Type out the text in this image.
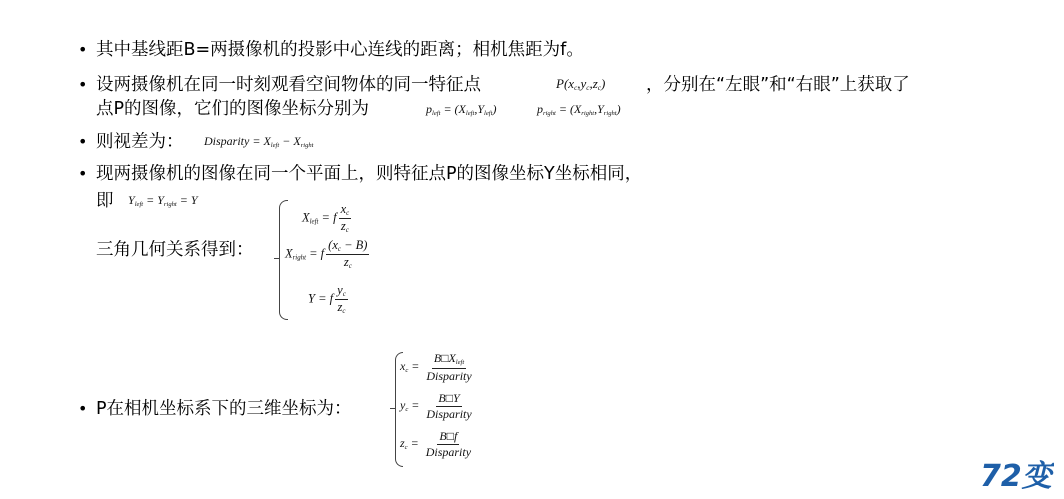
• 其中基线距B=两摄像机的投影中心连线的距离；相机焦距为f。
• 设两摄像机在同一时刻观看空间物体的同一特征点	$P(x_c,y_c,z_c)$ ，分别在“左眼”和“右眼”上获取了
点P的图像，它们的图像坐标分别为	$p_{left} = (X_{left},Y_{left})$	$p_{right} = (X_{right},Y_{right})$
• 则视差为： Disparity = $X_{left} - X_{right}$
• 现两摄像机的图像在同一个平面上，则特征点P的图像坐标Y坐标相同，
即 $Y_{left} = Y_{right} = Y$
三角几何关系得到：
$X_{left} = f \frac{x_c}{z_c}$
$X_{right} = f \frac{(x_c - B)}{z_c}$
Y = f $\frac{y_c}{z_c}$
• P在相机坐标系下的三维坐标为：
$x_c = \frac{B□X_{left}}{\text{Disparity}}$
$y_c = \frac{B□Y}{\text{Disparity}}$
$z_c = \frac{B□f}{\text{Disparity}}$
72变
